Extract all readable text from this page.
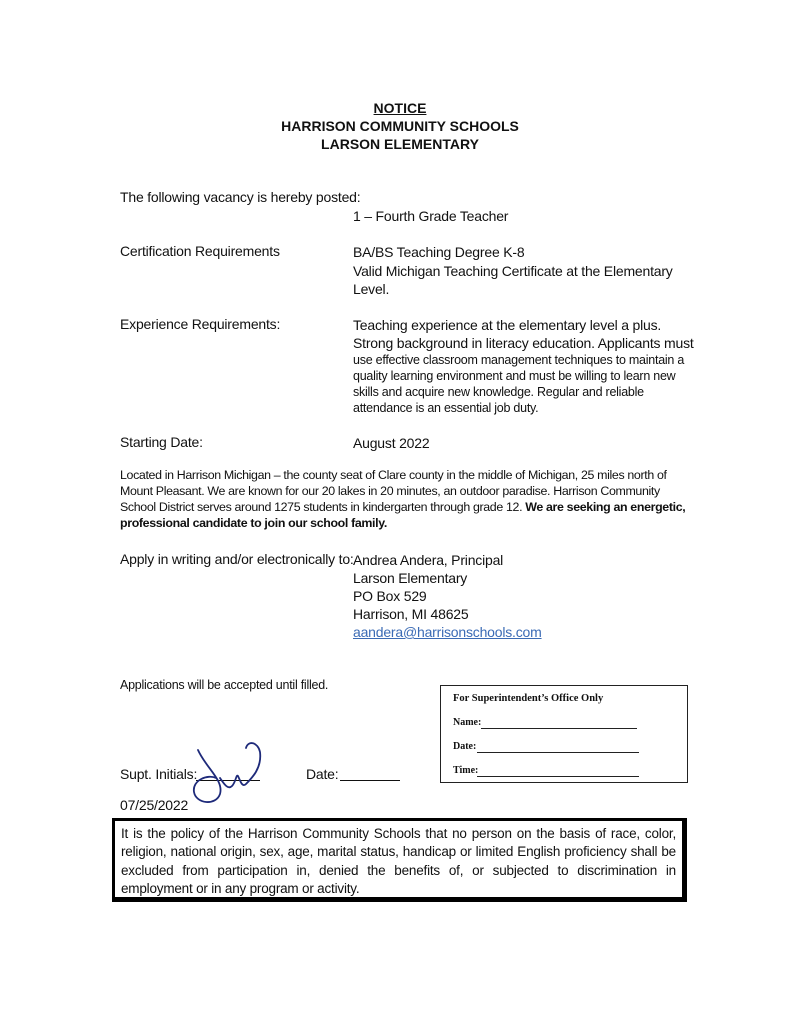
NOTICE
HARRISON COMMUNITY SCHOOLS
LARSON ELEMENTARY
The following vacancy is hereby posted:
1 – Fourth Grade Teacher
Certification Requirements	BA/BS Teaching Degree K-8
Valid Michigan Teaching Certificate at the Elementary
Level.
Experience Requirements:	Teaching experience at the elementary level a plus.
Strong background in literacy education. Applicants must
use effective classroom management techniques to maintain a
quality learning environment and must be willing to learn new
skills and acquire new knowledge. Regular and reliable
attendance is an essential job duty.
Starting Date:	August 2022
Located in Harrison Michigan – the county seat of Clare county in the middle of Michigan, 25 miles north of Mount Pleasant. We are known for our 20 lakes in 20 minutes, an outdoor paradise. Harrison Community School District serves around 1275 students in kindergarten through grade 12. We are seeking an energetic, professional candidate to join our school family.
Apply in writing and/or electronically to: Andrea Andera, Principal
Larson Elementary
PO Box 529
Harrison, MI 48625
aandera@harrisonschools.com
Applications will be accepted until filled.
For Superintendent’s Office Only
Name:
Date:
Time:
Supt. Initials:	Date:
07/25/2022
It is the policy of the Harrison Community Schools that no person on the basis of race, color, religion, national origin, sex, age, marital status, handicap or limited English proficiency shall be excluded from participation in, denied the benefits of, or subjected to discrimination in employment or in any program or activity.
